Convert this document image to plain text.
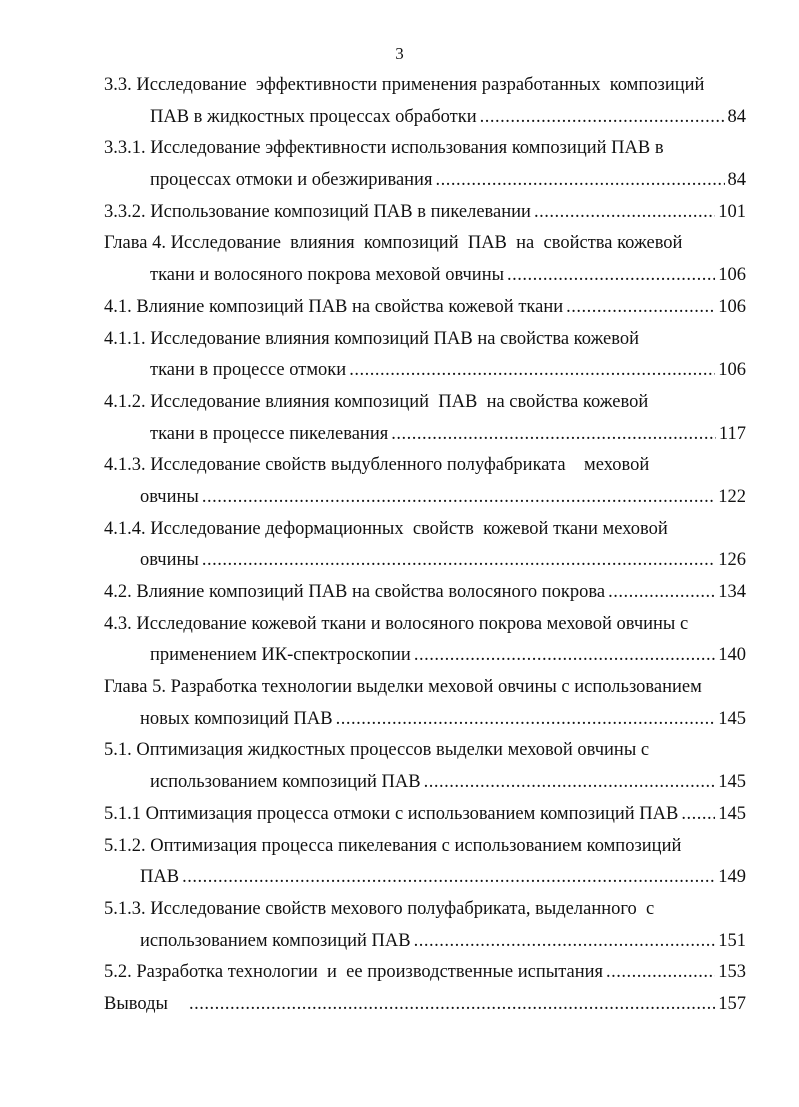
3
3.3. Исследование  эффективности применения разработанных  композиций
ПАВ в жидкостных процессах обработки .....	84
3.3.1. Исследование эффективности использования композиций ПАВ в
процессах отмоки и обезжиривания .....	84
3.3.2. Использование композиций ПАВ в пикелевании .....	101
Глава 4. Исследование  влияния  композиций  ПАВ  на  свойства кожевой
ткани и волосяного покрова меховой овчины .....	106
4.1. Влияние композиций ПАВ на свойства кожевой ткани .....	106
4.1.1. Исследование влияния композиций ПАВ на свойства кожевой
ткани в процессе отмоки .....	106
4.1.2. Исследование влияния композиций  ПАВ  на свойства кожевой
ткани в процессе пикелевания .....	117
4.1.3. Исследование свойств выдубленного полуфабриката    меховой
овчины .....	122
4.1.4. Исследование деформационных  свойств  кожевой ткани меховой
овчины .....	126
4.2. Влияние композиций ПАВ на свойства волосяного покрова .....	134
4.3. Исследование кожевой ткани и волосяного покрова меховой овчины с
применением ИК-спектроскопии .....	140
Глава 5. Разработка технологии выделки меховой овчины с использованием
новых композиций ПАВ .....	145
5.1. Оптимизация жидкостных процессов выделки меховой овчины с
использованием композиций ПАВ .....	145
5.1.1 Оптимизация процесса отмоки с использованием композиций ПАВ ..... 145
5.1.2. Оптимизация процесса пикелевания с использованием композиций
ПАВ .....	149
5.1.3. Исследование свойств мехового полуфабриката, выделанного  с
использованием композиций ПАВ .....	151
5.2. Разработка технологии  и  ее производственные испытания .....	153
Выводы .....	157
